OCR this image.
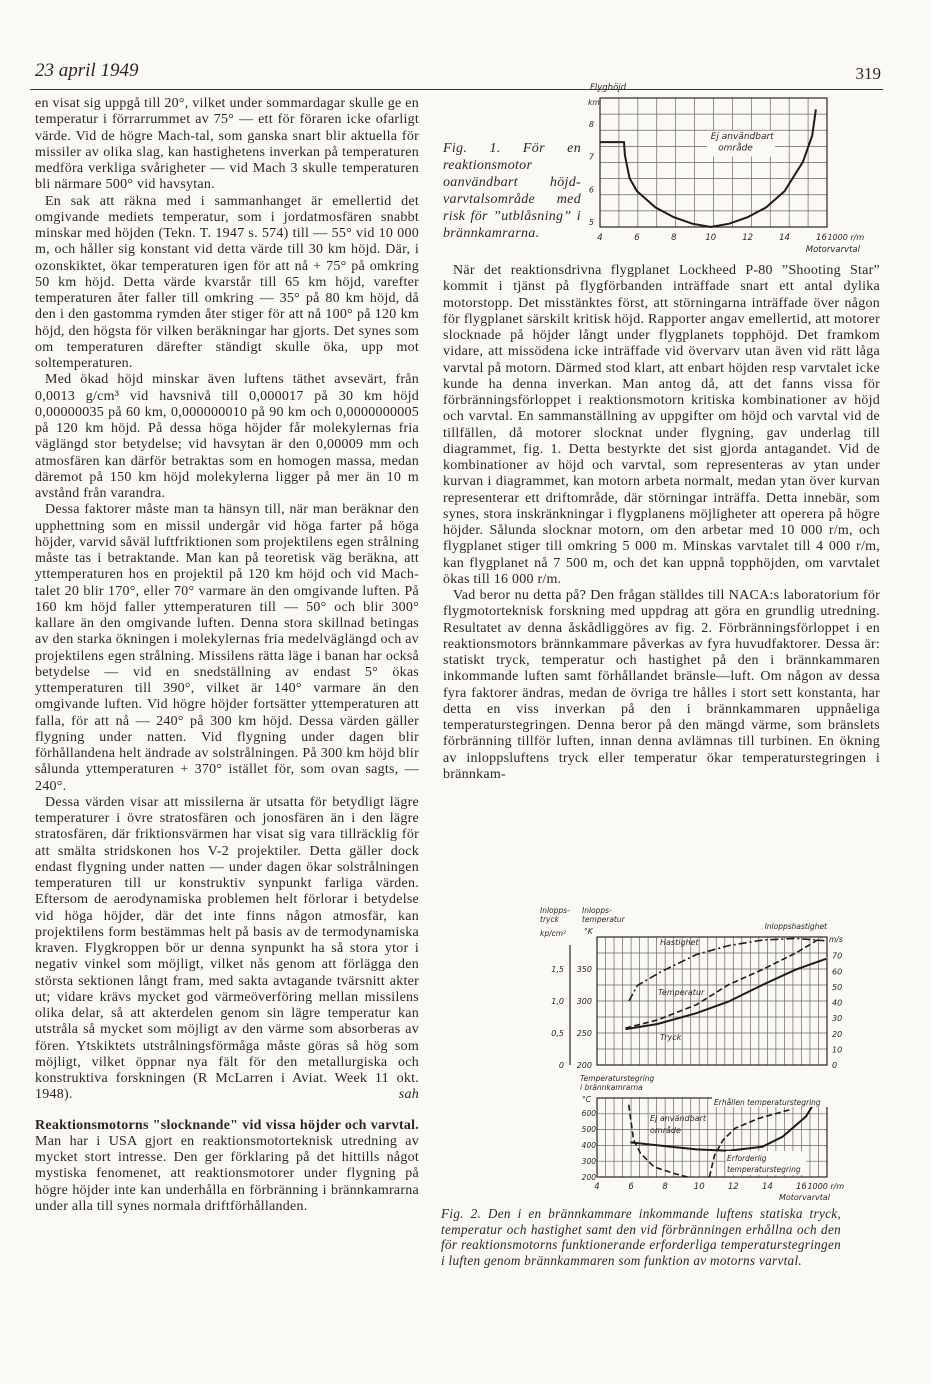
23 april 1949	319

en visat sig uppgå till 20°, vilket under sommardagar skulle ge en temperatur i förrarrummet av 75° — ett för föraren icke ofarligt värde. Vid de högre Mach-tal, som ganska snart blir aktuella för missiler av olika slag, kan hastighetens inverkan på temperaturen medföra verkliga svårigheter — vid Mach 3 skulle temperaturen bli närmare 500° vid havsytan.

En sak att räkna med i sammanhanget är emellertid det omgivande mediets temperatur, som i jordatmosfären snabbt minskar med höjden (Tekn. T. 1947 s. 574) till — 55° vid 10 000 m, och håller sig konstant vid detta värde till 30 km höjd. Där, i ozonskiktet, ökar temperaturen igen för att nå + 75° på omkring 50 km höjd. Detta värde kvarstår till 65 km höjd, varefter temperaturen åter faller till omkring — 35° på 80 km höjd, då den i den gastomma rymden åter stiger för att nå 100° på 120 km höjd, den högsta för vilken beräkningar har gjorts. Det synes som om temperaturen därefter ständigt skulle öka, upp mot soltemperaturen.

Med ökad höjd minskar även luftens täthet avsevärt, från 0,0013 g/cm³ vid havsnivå till 0,000017 på 30 km höjd 0,00000035 på 60 km, 0,000000010 på 90 km och 0,0000000005 på 120 km höjd. På dessa höga höjder får molekylernas fria väglängd stor betydelse; vid havsytan är den 0,00009 mm och atmosfären kan därför betraktas som en homogen massa, medan däremot på 150 km höjd molekylerna ligger på mer än 10 m avstånd från varandra.

Dessa faktorer måste man ta hänsyn till, när man beräknar den upphettning som en missil undergår vid höga farter på höga höjder, varvid såväl luftfriktionen som projektilens egen strålning måste tas i betraktande. Man kan på teoretisk väg beräkna, att yttemperaturen hos en projektil på 120 km höjd och vid Mach-talet 20 blir 170°, eller 70° varmare än den omgivande luften. På 160 km höjd faller yttemperaturen till — 50° och blir 300° kallare än den omgivande luften. Denna stora skillnad betingas av den starka ökningen i molekylernas fria medelväglängd och av projektilens egen strålning. Missilens rätta läge i banan har också betydelse — vid en snedställning av endast 5° ökas yttemperaturen till 390°, vilket är 140° varmare än den omgivande luften. Vid högre höjder fortsätter yttemperaturen att falla, för att nå — 240° på 300 km höjd. Dessa värden gäller flygning under natten. Vid flygning under dagen blir förhållandena helt ändrade av solstrålningen. På 300 km höjd blir sålunda yttemperaturen + 370° istället för, som ovan sagts, — 240°.

Dessa värden visar att missilerna är utsatta för betydligt lägre temperaturer i övre stratosfären och jonosfären än i den lägre stratosfären, där friktionsvärmen har visat sig vara tillräcklig för att smälta stridskonen hos V-2 projektiler. Detta gäller dock endast flygning under natten — under dagen ökar solstrålningen temperaturen till ur konstruktiv synpunkt farliga värden. Eftersom de aerodynamiska problemen helt förlorar i betydelse vid höga höjder, där det inte finns någon atmosfär, kan projektilens form bestämmas helt på basis av de termodynamiska kraven. Flygkroppen bör ur denna synpunkt ha så stora ytor i negativ vinkel som möjligt, vilket nås genom att förlägga den största sektionen långt fram, med sakta avtagande tvärsnitt akter ut; vidare krävs mycket god värmeöverföring mellan missilens olika delar, så att akterdelen genom sin lägre temperatur kan utstråla så mycket som möjligt av den värme som absorberas av fören. Ytskiktets utstrålningsförmåga måste göras så hög som möjligt, vilket öppnar nya fält för den metallurgiska och konstruktiva forskningen (R McLarren i Aviat. Week 11 okt. 1948).	sah

Reaktionsmotorns "slocknande" vid vissa höjder och varvtal. Man har i USA gjort en reaktionsmotorteknisk utredning av mycket stort intresse. Den ger förklaring på det hittills något mystiska fenomenet, att reaktionsmotorer under flygning på högre höjder inte kan underhålla en förbränning i brännkamrarna under alla till synes normala driftförhållanden.

Fig. 1. För en reaktionsmotor oanvändbart höjd-varvtalsområde med risk för ”utblåsning” i brännkamrarna.
Flyghöjd
km
5
6
7
8
4	6	8	10	12	14	16 1000 r/m
Motorvarvtal
Ej användbart
område

När det reaktionsdrivna flygplanet Lockheed P-80 ”Shooting Star” kommit i tjänst på flygförbanden inträffade snart ett antal dylika motorstopp. Det misstänktes först, att störningarna inträffade över någon för flygplanet särskilt kritisk höjd. Rapporter angav emellertid, att motorer slocknade på höjder långt under flygplanets topphöjd. Det framkom vidare, att missödena icke inträffade vid övervarv utan även vid rätt låga varvtal på motorn. Därmed stod klart, att enbart höjden resp varvtalet icke kunde ha denna inverkan. Man antog då, att det fanns vissa för förbränningsförloppet i reaktionsmotorn kritiska kombinationer av höjd och varvtal. En sammanställning av uppgifter om höjd och varvtal vid de tillfällen, då motorer slocknat under flygning, gav underlag till diagrammet, fig. 1. Detta bestyrkte det sist gjorda antagandet. Vid de kombinationer av höjd och varvtal, som representeras av ytan under kurvan i diagrammet, kan motorn arbeta normalt, medan ytan över kurvan representerar ett driftområde, där störningar inträffa. Detta innebär, som synes, stora inskränkningar i flygplanens möjligheter att operera på högre höjder. Sålunda slocknar motorn, om den arbetar med 10 000 r/m, och flygplanet stiger till omkring 5 000 m. Minskas varvtalet till 4 000 r/m, kan flygplanet nå 7 500 m, och det kan uppnå topphöjden, om varvtalet ökas till 16 000 r/m.

Vad beror nu detta på? Den frågan ställdes till NACA:s laboratorium för flygmotorteknisk forskning med uppdrag att göra en grundlig utredning. Resultatet av denna åskådliggöres av fig. 2. Förbränningsförloppet i en reaktionsmotors brännkammare påverkas av fyra huvudfaktorer. Dessa är: statiskt tryck, temperatur och hastighet på den i brännkammaren inkommande luften samt förhållandet bränsle—luft. Om någon av dessa fyra faktorer ändras, medan de övriga tre hålles i stort sett konstanta, har detta en viss inverkan på den i brännkammaren uppnåeliga temperaturstegringen. Denna beror på den mängd värme, som bränslets förbränning tillför luften, innan denna avlämnas till turbinen. En ökning av inloppsluftens tryck eller temperatur ökar temperaturstegringen i brännkam-

Inlopps-
tryck
kp/cm²
Inlopps-
temperatur
°K
Inloppshastighet
m/s
200
250
300
350
0
0,5
1,0
1,5
0
10
20
30
40
50
60
70
Hastighet
Temperatur
Tryck
Temperaturstegring
i brännkamrarna
°C
200
300
400
500
600
4	6	8	10	12	14	16 1000 r/m
Motorvarvtal
Ej användbart
område
Erhållen temperaturstegring
Erforderlig temperaturstegring
Fig. 2. Den i en brännkammare inkommande luftens statiska tryck, temperatur och hastighet samt den vid förbränningen erhållna och den för reaktionsmotorns funktionerande erforderliga temperaturstegringen i luften genom brännkammaren som funktion av motorns varvtal.
